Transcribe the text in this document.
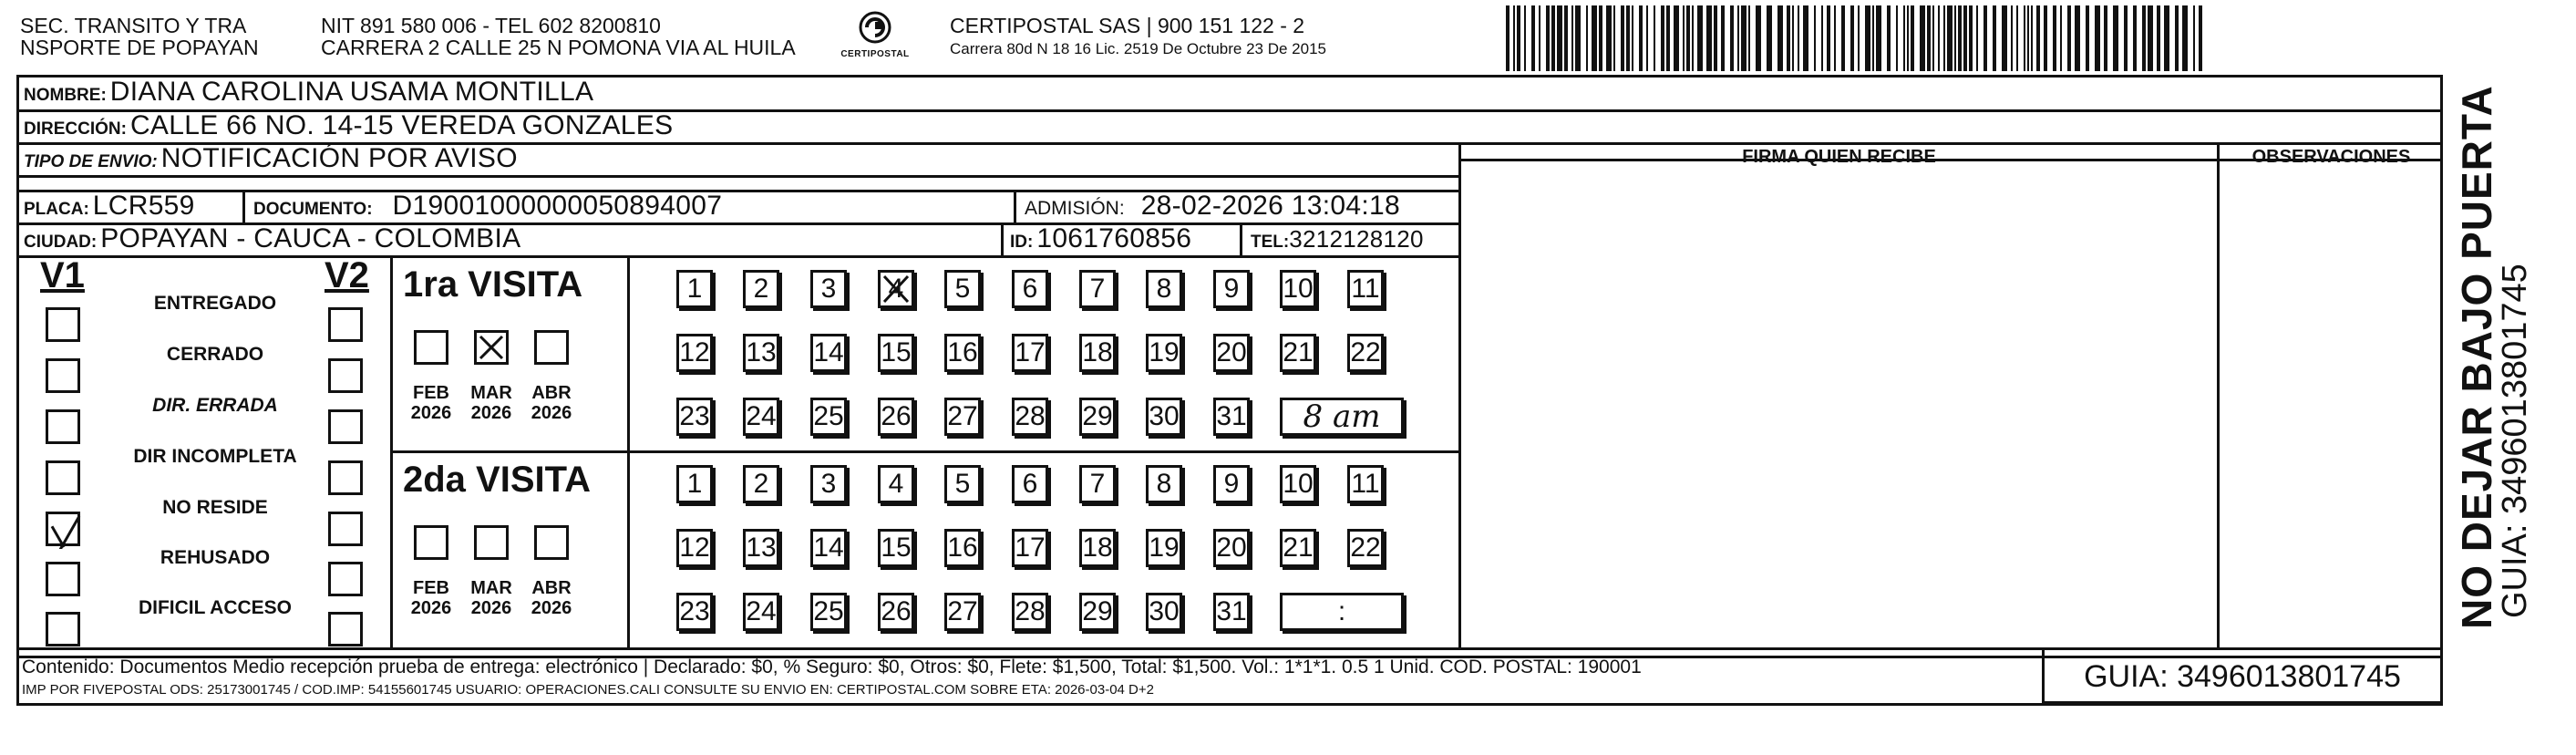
SEC. TRANSITO Y TRA
NSPORTE DE POPAYAN
NIT 891 580 006 - TEL 602 8200810
CARRERA 2 CALLE 25 N POMONA VIA AL HUILA	CERTIPOSTAL
CERTIPOSTAL SAS | 900 151 122 - 2
Carrera 80d N 18 16 Lic. 2519 De Octubre 23 De 2015
NOMBRE: DIANA CAROLINA USAMA MONTILLA
DIRECCIÓN: CALLE 66 NO. 14-15 VEREDA GONZALES
TIPO DE ENVIO: NOTIFICACIÓN POR AVISO
PLACA: LCR559	DOCUMENTO: D19001000000050894007	ADMISIÓN: 28-02-2026 13:04:18
CIUDAD: POPAYAN - CAUCA - COLOMBIA	ID: 1061760856	TEL: 3212128120
FIRMA QUIEN RECIBE	OBSERVACIONES
V1	V2
ENTREGADO
CERRADO
DIR. ERRADA
DIR INCOMPLETA
NO RESIDE
REHUSADO
DIFICIL ACCESO
1ra VISITA
FEB
2026
MAR
2026
ABR
2026
1	2	3	4	5	6	7	8	9	10 11
12 13 14 15 16 17 18 19 20 21 22
23 24 25 26 27 28 29 30 31	8 am
2da VISITA
FEB
2026
MAR
2026
ABR
2026
1	2	3	4	5	6	7	8	9	10 11
12 13 14 15 16 17 18 19 20 21 22
23 24 25 26 27 28 29 30 31	:
Contenido: Documentos Medio recepción prueba de entrega: electrónico | Declarado: $0, % Seguro: $0, Otros: $0, Flete: $1,500, Total: $1,500. Vol.: 1*1*1. 0.5 1 Unid. COD. POSTAL: 190001
IMP POR FIVEPOSTAL ODS: 25173001745 / COD.IMP: 54155601745 USUARIO: OPERACIONES.CALI CONSULTE SU ENVIO EN: CERTIPOSTAL.COM SOBRE ETA: 2026-03-04 D+2	GUIA: 3496013801745
NO DEJAR BAJO PUERTA
GUIA: 3496013801745
